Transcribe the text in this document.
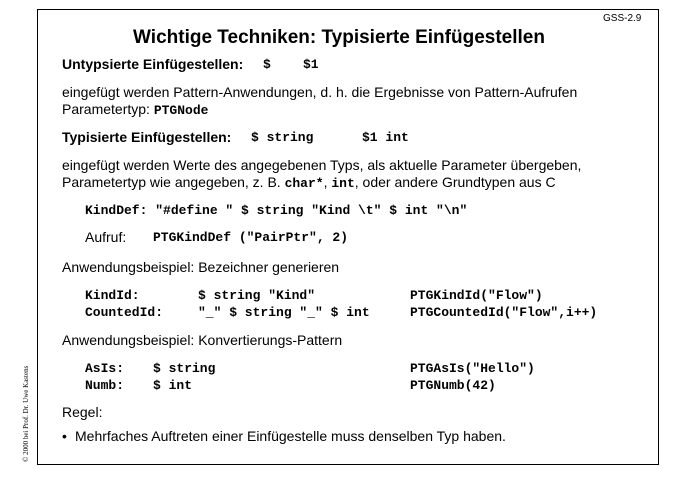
GSS-2.9
Wichtige Techniken: Typisierte Einfügestellen
Untypsierte Einfügestellen: $ $1
eingefügt werden Pattern-Anwendungen, d. h. die Ergebnisse von Pattern-Aufrufen
Parametertyp: PTGNode
Typisierte Einfügestellen: $ string	$1 int
eingefügt werden Werte des angegebenen Typs, als aktuelle Parameter übergeben,
Parametertyp wie angegeben, z. B. char*, int, oder andere Grundtypen aus C
KindDef: "#define " $ string "Kind \t" $ int "\n"
Aufruf: PTGKindDef ("PairPtr", 2)
Anwendungsbeispiel: Bezeichner generieren
KindId:	$ string "Kind"	PTGKindId("Flow")
CountedId:	"_" $ string "_" $ int	PTGCountedId("Flow",i++)
Anwendungsbeispiel: Konvertierungs-Pattern
AsIs: $ string	PTGAsIs("Hello")
Numb: $ int	PTGNumb(42)
Regel:
• Mehrfaches Auftreten einer Einfügestelle muss denselben Typ haben.
© 2000 bei Prof. Dr. Uwe Kastens
